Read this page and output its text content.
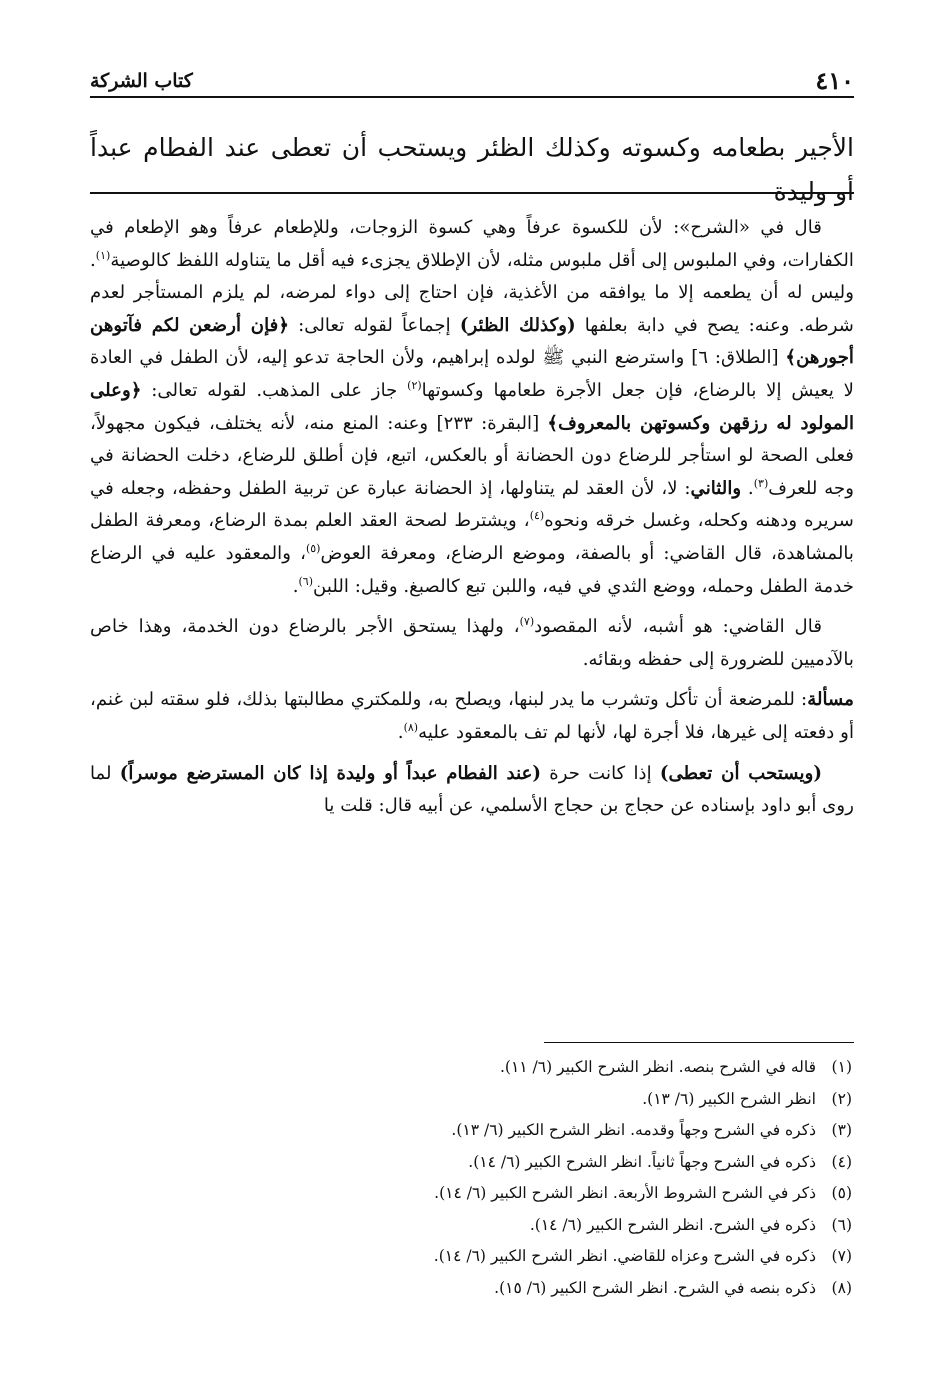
٤١٠
كتاب الشركة
الأجير بطعامه وكسوته وكذلك الظئر ويستحب أن تعطى عند الفطام عبداً أو وليدة

قال في «الشرح»: لأن للكسوة عرفاً وهي كسوة الزوجات، وللإطعام عرفاً وهو الإطعام في الكفارات، وفي الملبوس إلى أقل ملبوس مثله، لأن الإطلاق يجزىء فيه أقل ما يتناوله اللفظ كالوصية$^{(١)}$. وليس له أن يطعمه إلا ما يوافقه من الأغذية، فإن احتاج إلى دواء لمرضه، لم يلزم المستأجر لعدم شرطه. وعنه: يصح في دابة بعلفها (وكذلك الظئر) إجماعاً لقوله تعالى: ﴿فإن أرضعن لكم فآتوهن أجورهن﴾ [الطلاق: ٦] واسترضع النبي ﷺ لولده إبراهيم، ولأن الحاجة تدعو إليه، لأن الطفل في العادة لا يعيش إلا بالرضاع، فإن جعل الأجرة طعامها وكسوتها$^{(٢)}$ جاز على المذهب. لقوله تعالى: ﴿وعلى المولود له رزقهن وكسوتهن بالمعروف﴾ [البقرة: ٢٣٣] وعنه: المنع منه، لأنه يختلف، فيكون مجهولاً، فعلى الصحة لو استأجر للرضاع دون الحضانة أو بالعكس، اتبع، فإن أطلق للرضاع، دخلت الحضانة في وجه للعرف$^{(٣)}$. والثاني: لا، لأن العقد لم يتناولها، إذ الحضانة عبارة عن تربية الطفل وحفظه، وجعله في سريره ودهنه وكحله، وغسل خرقه ونحوه$^{(٤)}$، ويشترط لصحة العقد العلم بمدة الرضاع، ومعرفة الطفل بالمشاهدة، قال القاضي: أو بالصفة، وموضع الرضاع، ومعرفة العوض$^{(٥)}$، والمعقود عليه في الرضاع خدمة الطفل وحمله، ووضع الثدي في فيه، واللبن تبع كالصبغ. وقيل: اللبن$^{(٦)}$.

قال القاضي: هو أشبه، لأنه المقصود$^{(٧)}$، ولهذا يستحق الأجر بالرضاع دون الخدمة، وهذا خاص بالآدميين للضرورة إلى حفظه وبقائه.

مسألة: للمرضعة أن تأكل وتشرب ما يدر لبنها، ويصلح به، وللمكتري مطالبتها بذلك، فلو سقته لبن غنم، أو دفعته إلى غيرها، فلا أجرة لها، لأنها لم تف بالمعقود عليه$^{(٨)}$.

(ويستحب أن تعطى) إذا كانت حرة (عند الفطام عبداً أو وليدة إذا كان المسترضع موسراً) لما روى أبو داود بإسناده عن حجاج بن حجاج الأسلمي، عن أبيه قال: قلت يا

(١)
قاله في الشرح بنصه. انظر الشرح الكبير (٦/ ١١).
(٢)
انظر الشرح الكبير (٦/ ١٣).
(٣)
ذكره في الشرح وجهاً وقدمه. انظر الشرح الكبير (٦/ ١٣).
(٤)
ذكره في الشرح وجهاً ثانياً. انظر الشرح الكبير (٦/ ١٤).
(٥)
ذكر في الشرح الشروط الأربعة. انظر الشرح الكبير (٦/ ١٤).
(٦)
ذكره في الشرح. انظر الشرح الكبير (٦/ ١٤).
(٧)
ذكره في الشرح وعزاه للقاضي. انظر الشرح الكبير (٦/ ١٤).
(٨)
ذكره بنصه في الشرح. انظر الشرح الكبير (٦/ ١٥).
